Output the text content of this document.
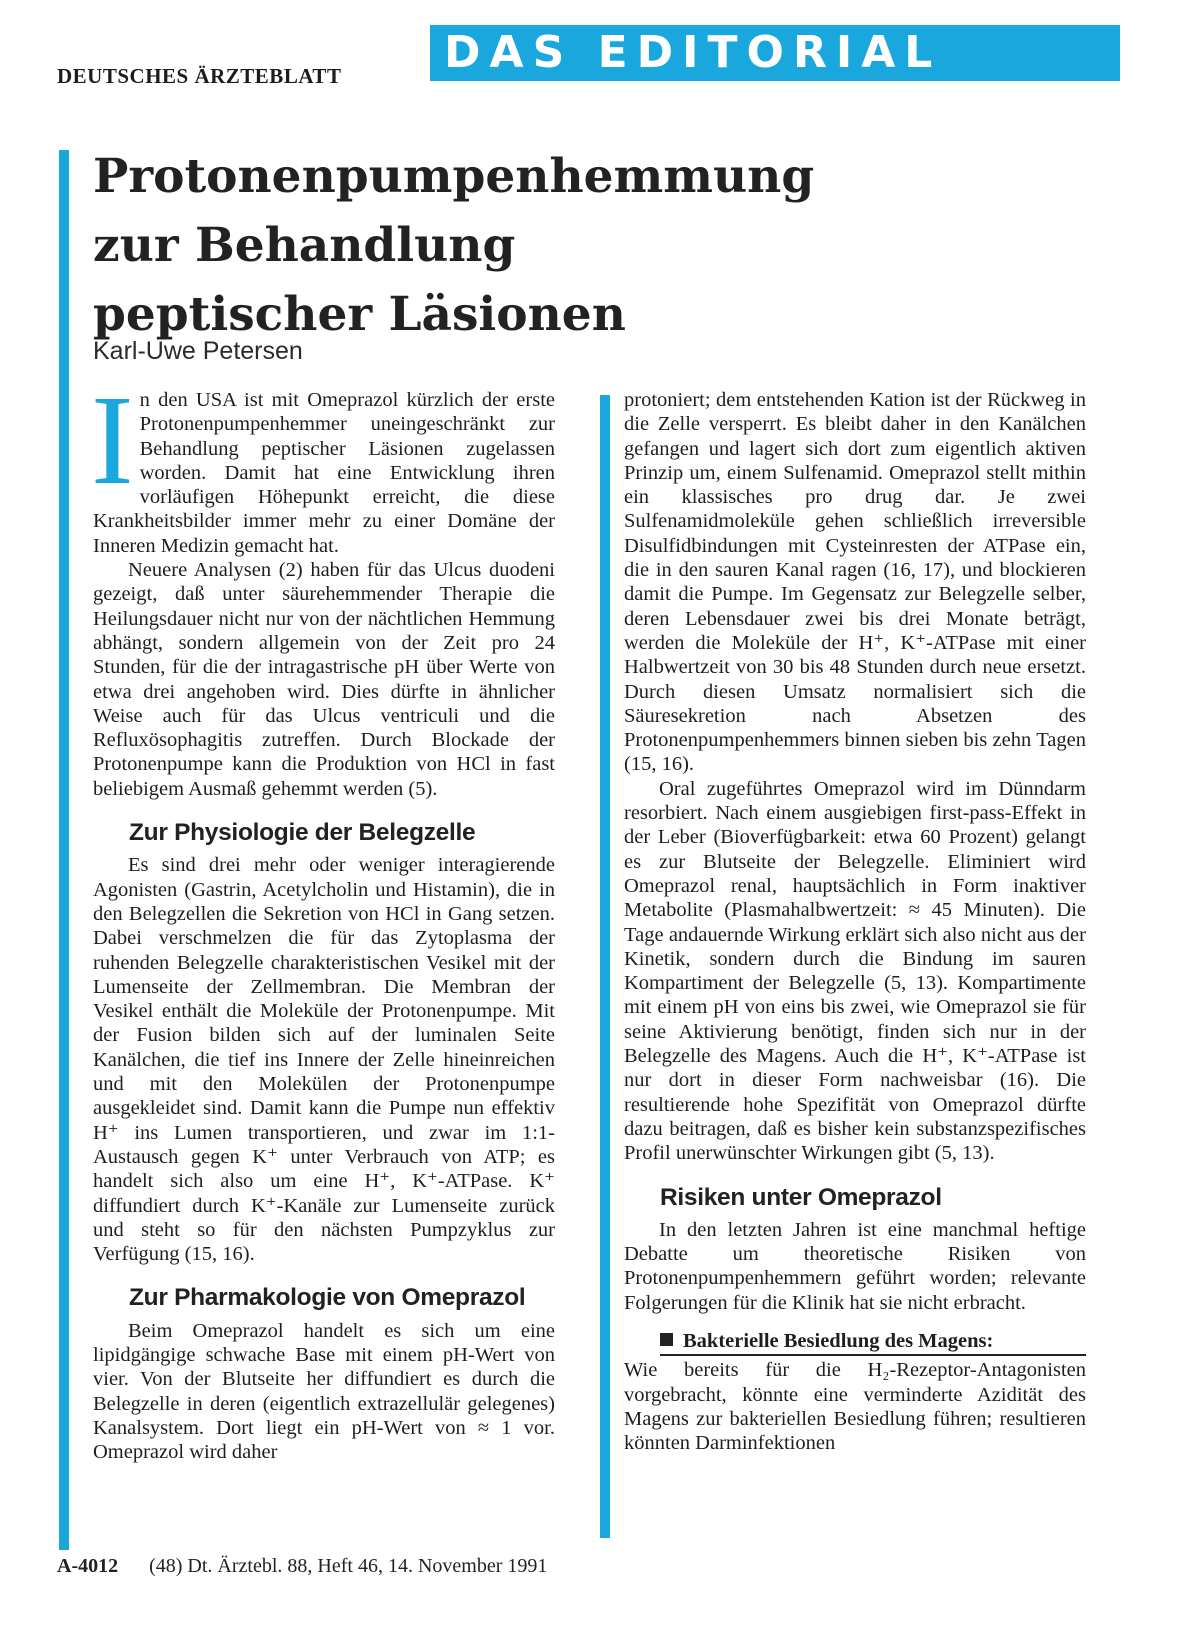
DEUTSCHES ÄRZTEBLATT DAS EDITORIAL
Protonenpumpenhemmung
zur Behandlung
peptischer Läsionen
Karl-Uwe Petersen
I n den USA ist mit Omeprazol kürzlich der erste Protonenpumpenhemmer uneingeschränkt zur Behandlung peptischer Läsionen zugelassen worden. Damit hat eine Entwicklung ihren vorläufigen Höhepunkt erreicht, die diese Krankheitsbilder immer mehr zu einer Domäne der Inneren Medizin gemacht hat.

Neuere Analysen (2) haben für das Ulcus duodeni gezeigt, daß unter säurehemmender Therapie die Heilungsdauer nicht nur von der nächtlichen Hemmung abhängt, sondern allgemein von der Zeit pro 24 Stunden, für die der intragastrische pH über Werte von etwa drei angehoben wird. Dies dürfte in ähnlicher Weise auch für das Ulcus ventriculi und die Refluxösophagitis zutreffen. Durch Blockade der Protonenpumpe kann die Produktion von HCl in fast beliebigem Ausmaß gehemmt werden (5).

Zur Physiologie der Belegzelle

Es sind drei mehr oder weniger interagierende Agonisten (Gastrin, Acetylcholin und Histamin), die in den Belegzellen die Sekretion von HCl in Gang setzen. Dabei verschmelzen die für das Zytoplasma der ruhenden Belegzelle charakteristischen Vesikel mit der Lumenseite der Zellmembran. Die Membran der Vesikel enthält die Moleküle der Protonenpumpe. Mit der Fusion bilden sich auf der luminalen Seite Kanälchen, die tief ins Innere der Zelle hineinreichen und mit den Molekülen der Protonenpumpe ausgekleidet sind. Damit kann die Pumpe nun effektiv H⁺ ins Lumen transportieren, und zwar im 1:1-Austausch gegen K⁺ unter Verbrauch von ATP; es handelt sich also um eine H⁺, K⁺-ATPase. K⁺ diffundiert durch K⁺-Kanäle zur Lumenseite zurück und steht so für den nächsten Pumpzyklus zur Verfügung (15, 16).

Zur Pharmakologie von Omeprazol

Beim Omeprazol handelt es sich um eine lipidgängige schwache Base mit einem pH-Wert von vier. Von der Blutseite her diffundiert es durch die Belegzelle in deren (eigentlich extrazellulär gelegenes) Kanalsystem. Dort liegt ein pH-Wert von ≈ 1 vor. Omeprazol wird daher

protoniert; dem entstehenden Kation ist der Rückweg in die Zelle versperrt. Es bleibt daher in den Kanälchen gefangen und lagert sich dort zum eigentlich aktiven Prinzip um, einem Sulfenamid. Omeprazol stellt mithin ein klassisches pro drug dar. Je zwei Sulfenamidmoleküle gehen schließlich irreversible Disulfidbindungen mit Cysteinresten der ATPase ein, die in den sauren Kanal ragen (16, 17), und blockieren damit die Pumpe. Im Gegensatz zur Belegzelle selber, deren Lebensdauer zwei bis drei Monate beträgt, werden die Moleküle der H⁺, K⁺-ATPase mit einer Halbwertzeit von 30 bis 48 Stunden durch neue ersetzt. Durch diesen Umsatz normalisiert sich die Säuresekretion nach Absetzen des Protonenpumpenhemmers binnen sieben bis zehn Tagen (15, 16).

Oral zugeführtes Omeprazol wird im Dünndarm resorbiert. Nach einem ausgiebigen first-pass-Effekt in der Leber (Bioverfügbarkeit: etwa 60 Prozent) gelangt es zur Blutseite der Belegzelle. Eliminiert wird Omeprazol renal, hauptsächlich in Form inaktiver Metabolite (Plasmahalbwertzeit: ≈ 45 Minuten). Die Tage andauernde Wirkung erklärt sich also nicht aus der Kinetik, sondern durch die Bindung im sauren Kompartiment der Belegzelle (5, 13). Kompartimente mit einem pH von eins bis zwei, wie Omeprazol sie für seine Aktivierung benötigt, finden sich nur in der Belegzelle des Magens. Auch die H⁺, K⁺-ATPase ist nur dort in dieser Form nachweisbar (16). Die resultierende hohe Spezifität von Omeprazol dürfte dazu beitragen, daß es bisher kein substanzspezifisches Profil unerwünschter Wirkungen gibt (5, 13).

Risiken unter Omeprazol

In den letzten Jahren ist eine manchmal heftige Debatte um theoretische Risiken von Protonenpumpenhemmern geführt worden; relevante Folgerungen für die Klinik hat sie nicht erbracht.

Bakterielle Besiedlung des Magens:

Wie bereits für die H₂-Rezeptor-Antagonisten vorgebracht, könnte eine verminderte Azidität des Magens zur bakteriellen Besiedlung führen; resultieren könnten Darminfektionen

A-4012 (48) Dt. Ärztebl. 88, Heft 46, 14. November 1991
